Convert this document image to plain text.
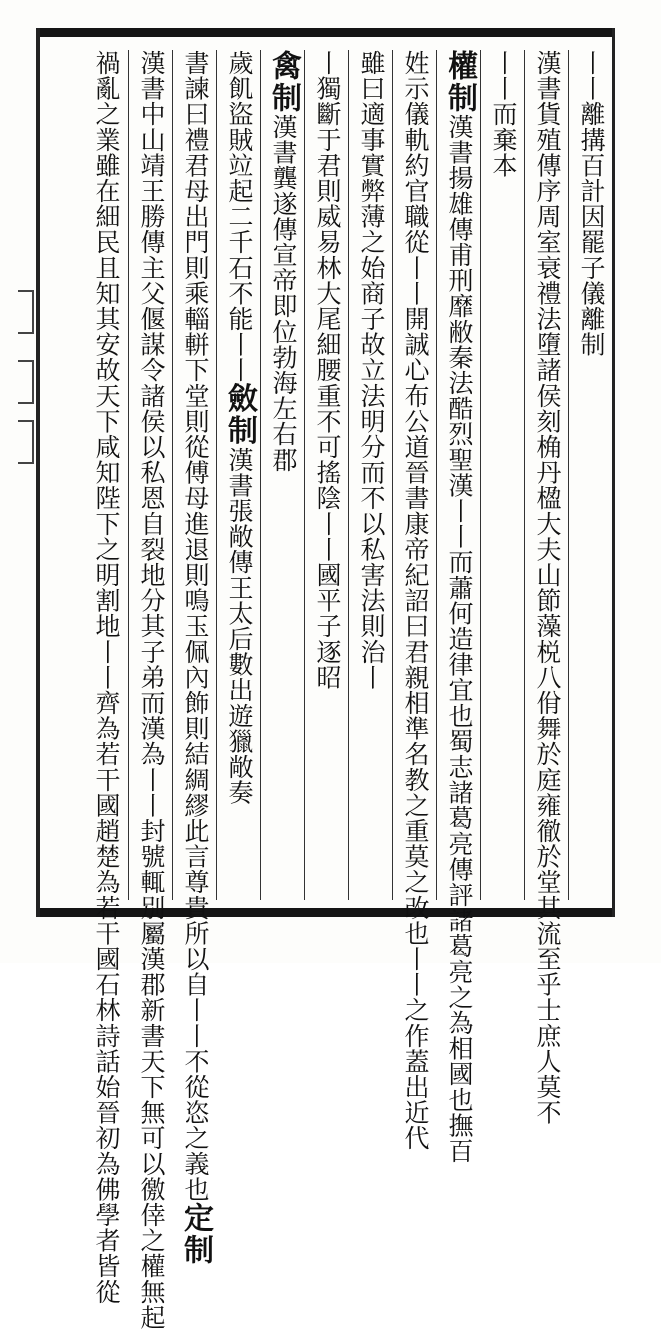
丨丨離搆百計因罷子儀離制
漢書貨殖傳序周室衰禮法墮諸侯刻桷丹楹大夫山節藻棁八佾舞於庭雍徹於堂其流至乎士庶人莫不
丨丨而棄本
權制漢書揚雄傳甫刑靡敝秦法酷烈聖漢丨丨而蕭何造律宜也蜀志諸葛亮傳評諸葛亮之為相國也撫百
姓示儀軌約官職從丨丨開誠心布公道晉書康帝紀詔曰君親相準名教之重莫之改也丨丨之作蓋出近代
雖曰適事實弊薄之始商子故立法明分而不以私害法則治丨
丨獨斷于君則威易林大尾細腰重不可搖陰丨丨國平子逐昭
禽制漢書龔遂傳宣帝即位勃海左右郡
歲飢盜賊竝起二千石不能丨丨斂制漢書張敞傳王太后數出遊獵敞奏
書諫曰禮君母出門則乘輜軿下堂則從傅母進退則鳴玉佩內飾則結綢繆此言尊貴所以自丨丨不從恣之義也定制
漢書中山靖王勝傳主父偃謀令諸侯以私恩自裂地分其子弟而漢為丨丨封號輒別屬漢郡新書天下無可以徼倖之權無起
禍亂之業雖在細民且知其安故天下咸知陛下之明割地丨丨齊為若干國趙楚為若干國石林詩話始晉初為佛學者皆從
